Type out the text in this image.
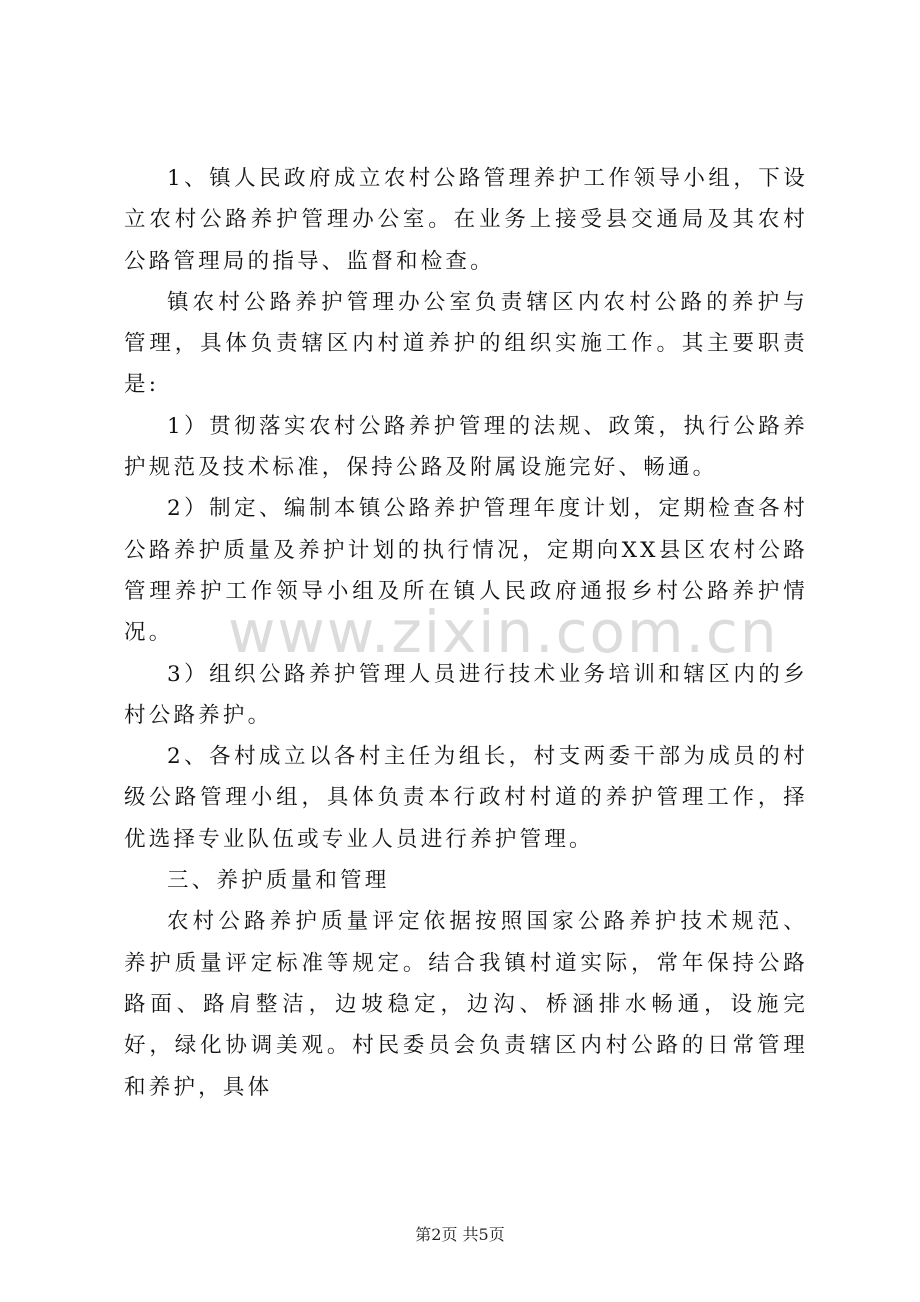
www.zixin.com.cn

1、镇人民政府成立农村公路管理养护工作领导小组，下设立农村公路养护管理办公室。在业务上接受县交通局及其农村公路管理局的指导、监督和检查。

镇农村公路养护管理办公室负责辖区内农村公路的养护与管理，具体负责辖区内村道养护的组织实施工作。其主要职责是:

1）贯彻落实农村公路养护管理的法规、政策，执行公路养护规范及技术标准，保持公路及附属设施完好、畅通。

2）制定、编制本镇公路养护管理年度计划，定期检查各村公路养护质量及养护计划的执行情况，定期向XX县区农村公路管理养护工作领导小组及所在镇人民政府通报乡村公路养护情况。

3）组织公路养护管理人员进行技术业务培训和辖区内的乡村公路养护。

2、各村成立以各村主任为组长，村支两委干部为成员的村级公路管理小组，具体负责本行政村村道的养护管理工作，择优选择专业队伍或专业人员进行养护管理。

三、养护质量和管理

农村公路养护质量评定依据按照国家公路养护技术规范、养护质量评定标准等规定。结合我镇村道实际，常年保持公路路面、路肩整洁，边坡稳定，边沟、桥涵排水畅通，设施完好，绿化协调美观。村民委员会负责辖区内村公路的日常管理和养护，具体

第2页 共5页
